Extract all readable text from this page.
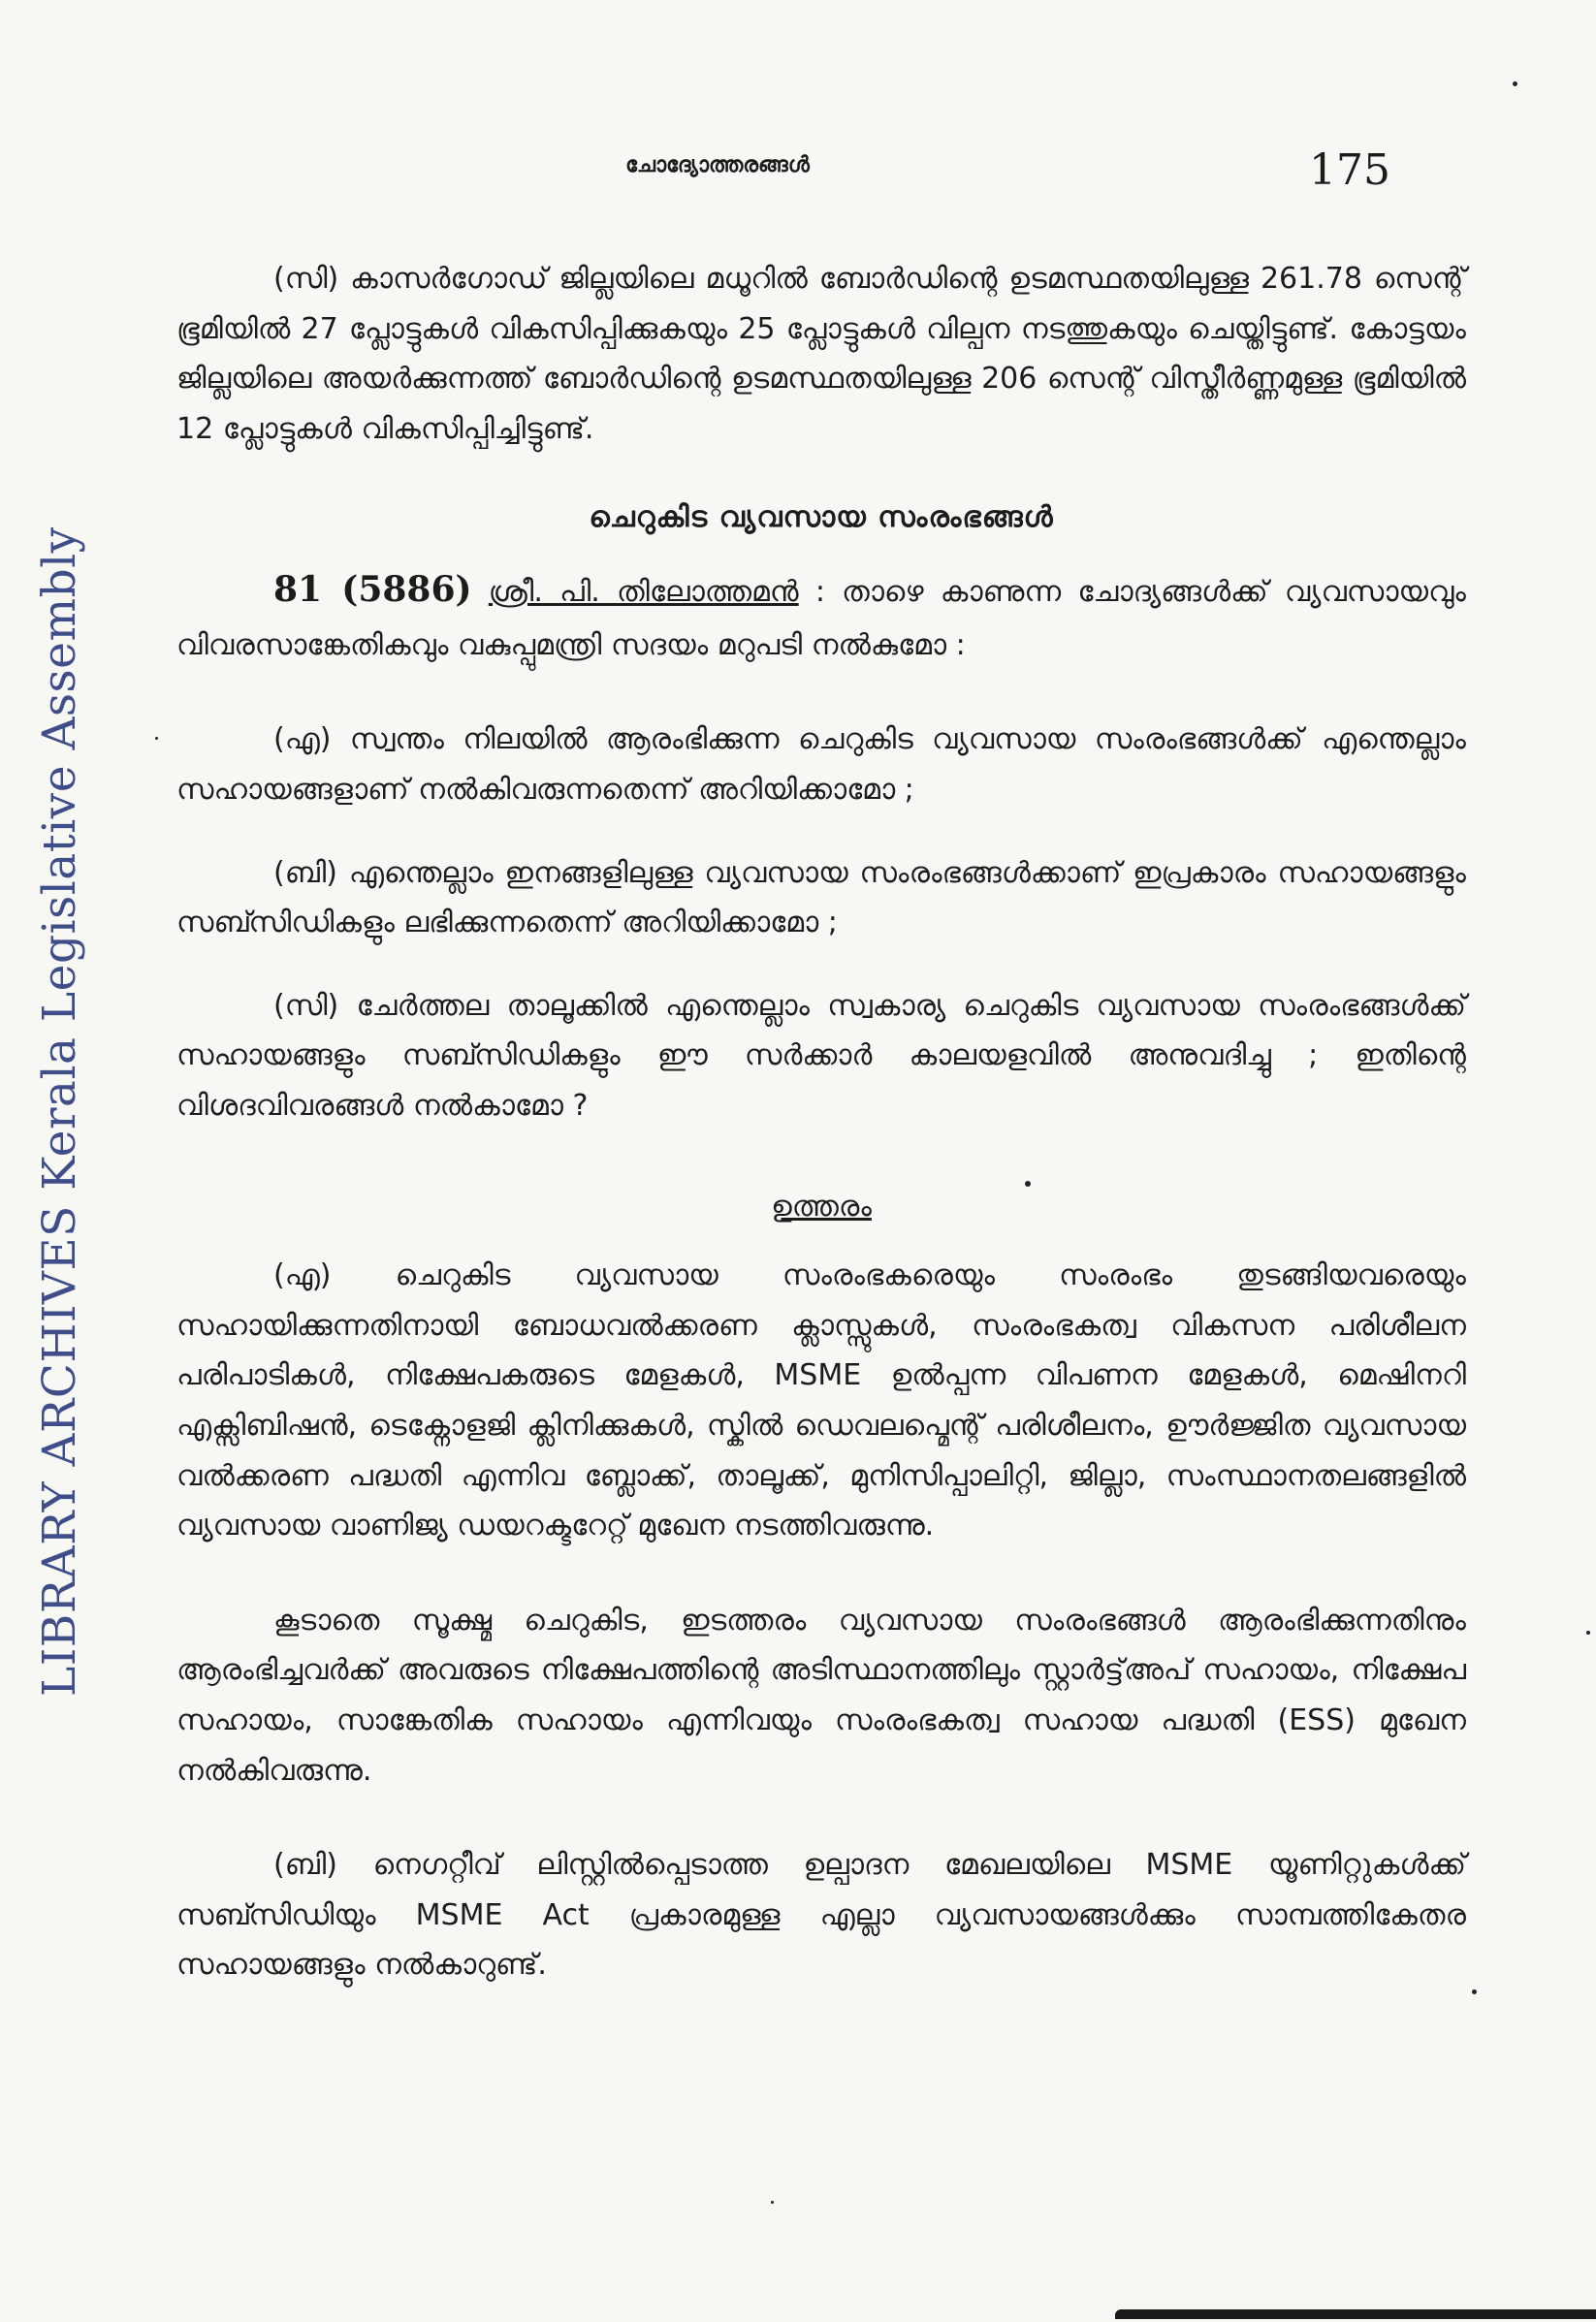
LIBRARY ARCHIVES Kerala Legislative Assembly
ചോദ്യോത്തരങ്ങൾ	175

(സി) കാസർഗോഡ് ജില്ലയിലെ മധൂറിൽ ബോർഡിന്റെ ഉടമസ്ഥതയിലുള്ള 261.78 സെന്റ് ഭൂമിയിൽ 27 പ്ലോട്ടുകൾ വികസിപ്പിക്കുകയും 25 പ്ലോട്ടുകൾ വില്പന നടത്തുകയും ചെയ്തിട്ടുണ്ട്. കോട്ടയം ജില്ലയിലെ അയർക്കുന്നത്ത് ബോർഡിന്റെ ഉടമസ്ഥതയിലുള്ള 206 സെന്റ് വിസ്തീർണ്ണമുള്ള ഭൂമിയിൽ 12 പ്ലോട്ടുകൾ വികസിപ്പിച്ചിട്ടുണ്ട്.

ചെറുകിട വ്യവസായ സംരംഭങ്ങൾ

81 (5886) ശ്രീ. പി. തിലോത്തമൻ : താഴെ കാണുന്ന ചോദ്യങ്ങൾക്ക് വ്യവസായവും വിവരസാങ്കേതികവും വകുപ്പുമന്ത്രി സദയം മറുപടി നൽകുമോ :

(എ) സ്വന്തം നിലയിൽ ആരംഭിക്കുന്ന ചെറുകിട വ്യവസായ സംരംഭങ്ങൾക്ക് എന്തെല്ലാം സഹായങ്ങളാണ് നൽകിവരുന്നതെന്ന് അറിയിക്കാമോ ;

(ബി) എന്തെല്ലാം ഇനങ്ങളിലുള്ള വ്യവസായ സംരംഭങ്ങൾക്കാണ് ഇപ്രകാരം സഹായങ്ങളും സബ്സിഡികളും ലഭിക്കുന്നതെന്ന് അറിയിക്കാമോ ;

(സി) ചേർത്തല താലൂക്കിൽ എന്തെല്ലാം സ്വകാര്യ ചെറുകിട വ്യവസായ സംരംഭങ്ങൾക്ക് സഹായങ്ങളും സബ്സിഡികളും ഈ സർക്കാർ കാലയളവിൽ അനുവദിച്ചു ; ഇതിന്റെ വിശദവിവരങ്ങൾ നൽകാമോ ?

ഉത്തരം

(എ) ചെറുകിട വ്യവസായ സംരംഭകരെയും സംരംഭം തുടങ്ങിയവരെയും സഹായിക്കുന്നതിനായി ബോധവൽക്കരണ ക്ലാസ്സുകൾ, സംരംഭകത്വ വികസന പരിശീലന പരിപാടികൾ, നിക്ഷേപകരുടെ മേളകൾ, MSME ഉൽപ്പന്ന വിപണന മേളകൾ, മെഷിനറി എക്സിബിഷൻ, ടെക്നോളജി ക്ലിനിക്കുകൾ, സ്കിൽ ഡെവലപ്മെന്റ് പരിശീലനം, ഊർജ്ജിത വ്യവസായ വൽക്കരണ പദ്ധതി എന്നിവ ബ്ലോക്ക്, താലൂക്ക്, മുനിസിപ്പാലിറ്റി, ജില്ലാ, സംസ്ഥാനതലങ്ങളിൽ വ്യവസായ വാണിജ്യ ഡയറക്ടറേറ്റ് മുഖേന നടത്തിവരുന്നു.

കൂടാതെ സൂക്ഷ്മ ചെറുകിട, ഇടത്തരം വ്യവസായ സംരംഭങ്ങൾ ആരംഭിക്കുന്നതിനും ആരംഭിച്ചവർക്ക് അവരുടെ നിക്ഷേപത്തിന്റെ അടിസ്ഥാനത്തിലും സ്റ്റാർട്ട്അപ് സഹായം, നിക്ഷേപ സഹായം, സാങ്കേതിക സഹായം എന്നിവയും സംരംഭകത്വ സഹായ പദ്ധതി (ESS) മുഖേന നൽകിവരുന്നു.

(ബി) നെഗറ്റീവ് ലിസ്റ്റിൽപ്പെടാത്ത ഉല്പാദന മേഖലയിലെ MSME യൂണിറ്റുകൾക്ക് സബ്സിഡിയും MSME Act പ്രകാരമുള്ള എല്ലാ വ്യവസായങ്ങൾക്കും സാമ്പത്തികേതര സഹായങ്ങളും നൽകാറുണ്ട്.
